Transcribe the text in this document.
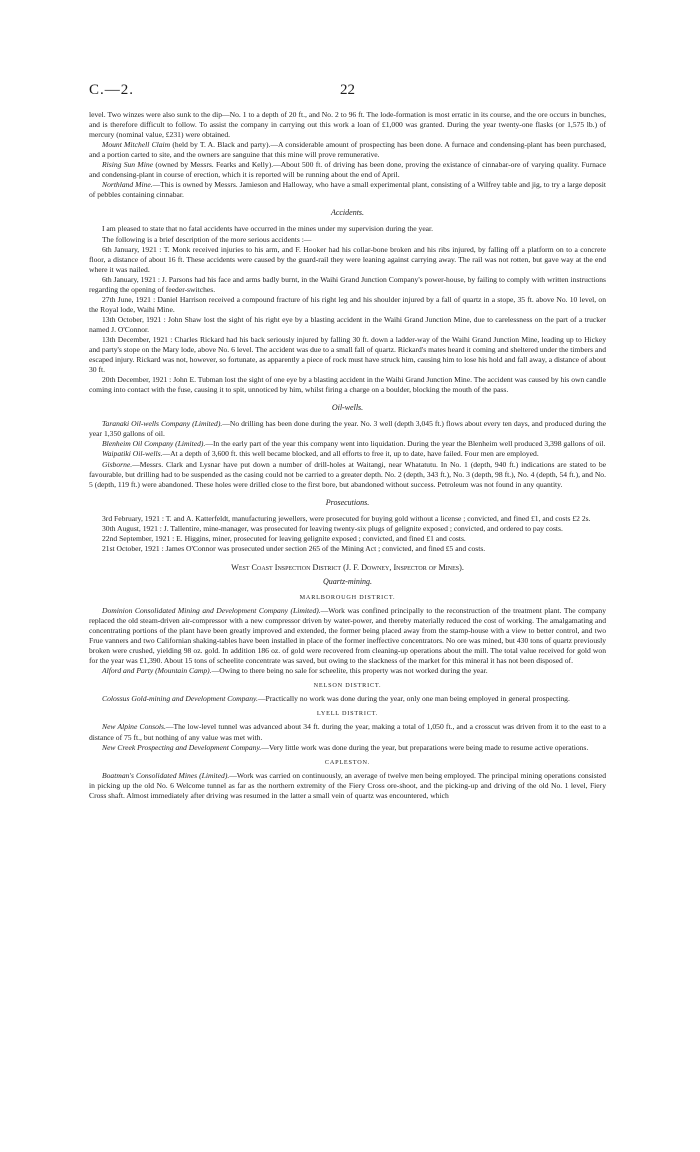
C.—2.	22

level. Two winzes were also sunk to the dip—No. 1 to a depth of 20 ft., and No. 2 to 96 ft. The lode-formation is most erratic in its course, and the ore occurs in bunches, and is therefore difficult to follow. To assist the company in carrying out this work a loan of £1,000 was granted. During the year twenty-one flasks (or 1,575 lb.) of mercury (nominal value, £231) were obtained.

Mount Mitchell Claim (held by T. A. Black and party).—A considerable amount of prospecting has been done. A furnace and condensing-plant has been purchased, and a portion carted to site, and the owners are sanguine that this mine will prove remunerative.

Rising Sun Mine (owned by Messrs. Fearks and Kelly).—About 500 ft. of driving has been done, proving the existance of cinnabar-ore of varying quality. Furnace and condensing-plant in course of erection, which it is reported will be running about the end of April.

Northland Mine.—This is owned by Messrs. Jamieson and Halloway, who have a small experimental plant, consisting of a Wilfrey table and jig, to try a large deposit of pebbles containing cinnabar.

Accidents.

I am pleased to state that no fatal accidents have occurred in the mines under my supervision during the year.

The following is a brief description of the more serious accidents :—

6th January, 1921 : T. Monk received injuries to his arm, and F. Hooker had his collar-bone broken and his ribs injured, by falling off a platform on to a concrete floor, a distance of about 16 ft. These accidents were caused by the guard-rail they were leaning against carrying away. The rail was not rotten, but gave way at the end where it was nailed.

6th January, 1921 : J. Parsons had his face and arms badly burnt, in the Waihi Grand Junction Company's power-house, by failing to comply with written instructions regarding the opening of feeder-switches.

27th June, 1921 : Daniel Harrison received a compound fracture of his right leg and his shoulder injured by a fall of quartz in a stope, 35 ft. above No. 10 level, on the Royal lode, Waihi Mine.

13th October, 1921 : John Shaw lost the sight of his right eye by a blasting accident in the Waihi Grand Junction Mine, due to carelessness on the part of a trucker named J. O'Connor.

13th December, 1921 : Charles Rickard had his back seriously injured by falling 30 ft. down a ladder-way of the Waihi Grand Junction Mine, leading up to Hickey and party's stope on the Mary lode, above No. 6 level. The accident was due to a small fall of quartz. Rickard's mates heard it coming and sheltered under the timbers and escaped injury. Rickard was not, however, so fortunate, as apparently a piece of rock must have struck him, causing him to lose his hold and fall away, a distance of about 30 ft.

20th December, 1921 : John E. Tubman lost the sight of one eye by a blasting accident in the Waihi Grand Junction Mine. The accident was caused by his own candle coming into contact with the fuse, causing it to spit, unnoticed by him, whilst firing a charge on a boulder, blocking the mouth of the pass.

Oil-wells.

Taranaki Oil-wells Company (Limited).—No drilling has been done during the year. No. 3 well (depth 3,045 ft.) flows about every ten days, and produced during the year 1,350 gallons of oil.

Blenheim Oil Company (Limited).—In the early part of the year this company went into liquidation. During the year the Blenheim well produced 3,398 gallons of oil.

Waipatiki Oil-wells.—At a depth of 3,600 ft. this well became blocked, and all efforts to free it, up to date, have failed. Four men are employed.

Gisborne.—Messrs. Clark and Lysnar have put down a number of drill-holes at Waitangi, near Whatatutu. In No. 1 (depth, 940 ft.) indications are stated to be favourable, but drilling had to be suspended as the casing could not be carried to a greater depth. No. 2 (depth, 343 ft.), No. 3 (depth, 98 ft.), No. 4 (depth, 54 ft.), and No. 5 (depth, 119 ft.) were abandoned. These holes were drilled close to the first bore, but abandoned without success. Petroleum was not found in any quantity.

Prosecutions.

3rd February, 1921 : T. and A. Katterfeldt, manufacturing jewellers, were prosecuted for buying gold without a license ; convicted, and fined £1, and costs £2 2s.

30th August, 1921 : J. Tallentire, mine-manager, was prosecuted for leaving twenty-six plugs of gelignite exposed ; convicted, and ordered to pay costs.

22nd September, 1921 : E. Higgins, miner, prosecuted for leaving gelignite exposed ; convicted, and fined £1 and costs.

21st October, 1921 : James O'Connor was prosecuted under section 265 of the Mining Act ; convicted, and fined £5 and costs.

West Coast Inspection District (J. F. Downey, Inspector of Mines).
Quartz-mining.
MARLBOROUGH DISTRICT.

Dominion Consolidated Mining and Development Company (Limited).—Work was confined principally to the reconstruction of the treatment plant. The company replaced the old steam-driven air-compressor with a new compressor driven by water-power, and thereby materially reduced the cost of working. The amalgamating and concentrating portions of the plant have been greatly improved and extended, the former being placed away from the stamp-house with a view to better control, and two Frue vanners and two Californian shaking-tables have been installed in place of the former ineffective concentrators. No ore was mined, but 430 tons of quartz previously broken were crushed, yielding 98 oz. gold. In addition 186 oz. of gold were recovered from cleaning-up operations about the mill. The total value received for gold won for the year was £1,390. About 15 tons of scheelite concentrate was saved, but owing to the slackness of the market for this mineral it has not been disposed of.

Alford and Party (Mountain Camp).—Owing to there being no sale for scheelite, this property was not worked during the year.

NELSON DISTRICT.

Colossus Gold-mining and Development Company.—Practically no work was done during the year, only one man being employed in general prospecting.

LYELL DISTRICT.

New Alpine Consols.—The low-level tunnel was advanced about 34 ft. during the year, making a total of 1,050 ft., and a crosscut was driven from it to the east to a distance of 75 ft., but nothing of any value was met with.

New Creek Prospecting and Development Company.—Very little work was done during the year, but preparations were being made to resume active operations.

CAPLESTON.

Boatman's Consolidated Mines (Limited).—Work was carried on continuously, an average of twelve men being employed. The principal mining operations consisted in picking up the old No. 6 Welcome tunnel as far as the northern extremity of the Fiery Cross ore-shoot, and the picking-up and driving of the old No. 1 level, Fiery Cross shaft. Almost immediately after driving was resumed in the latter a small vein of quartz was encountered, which
